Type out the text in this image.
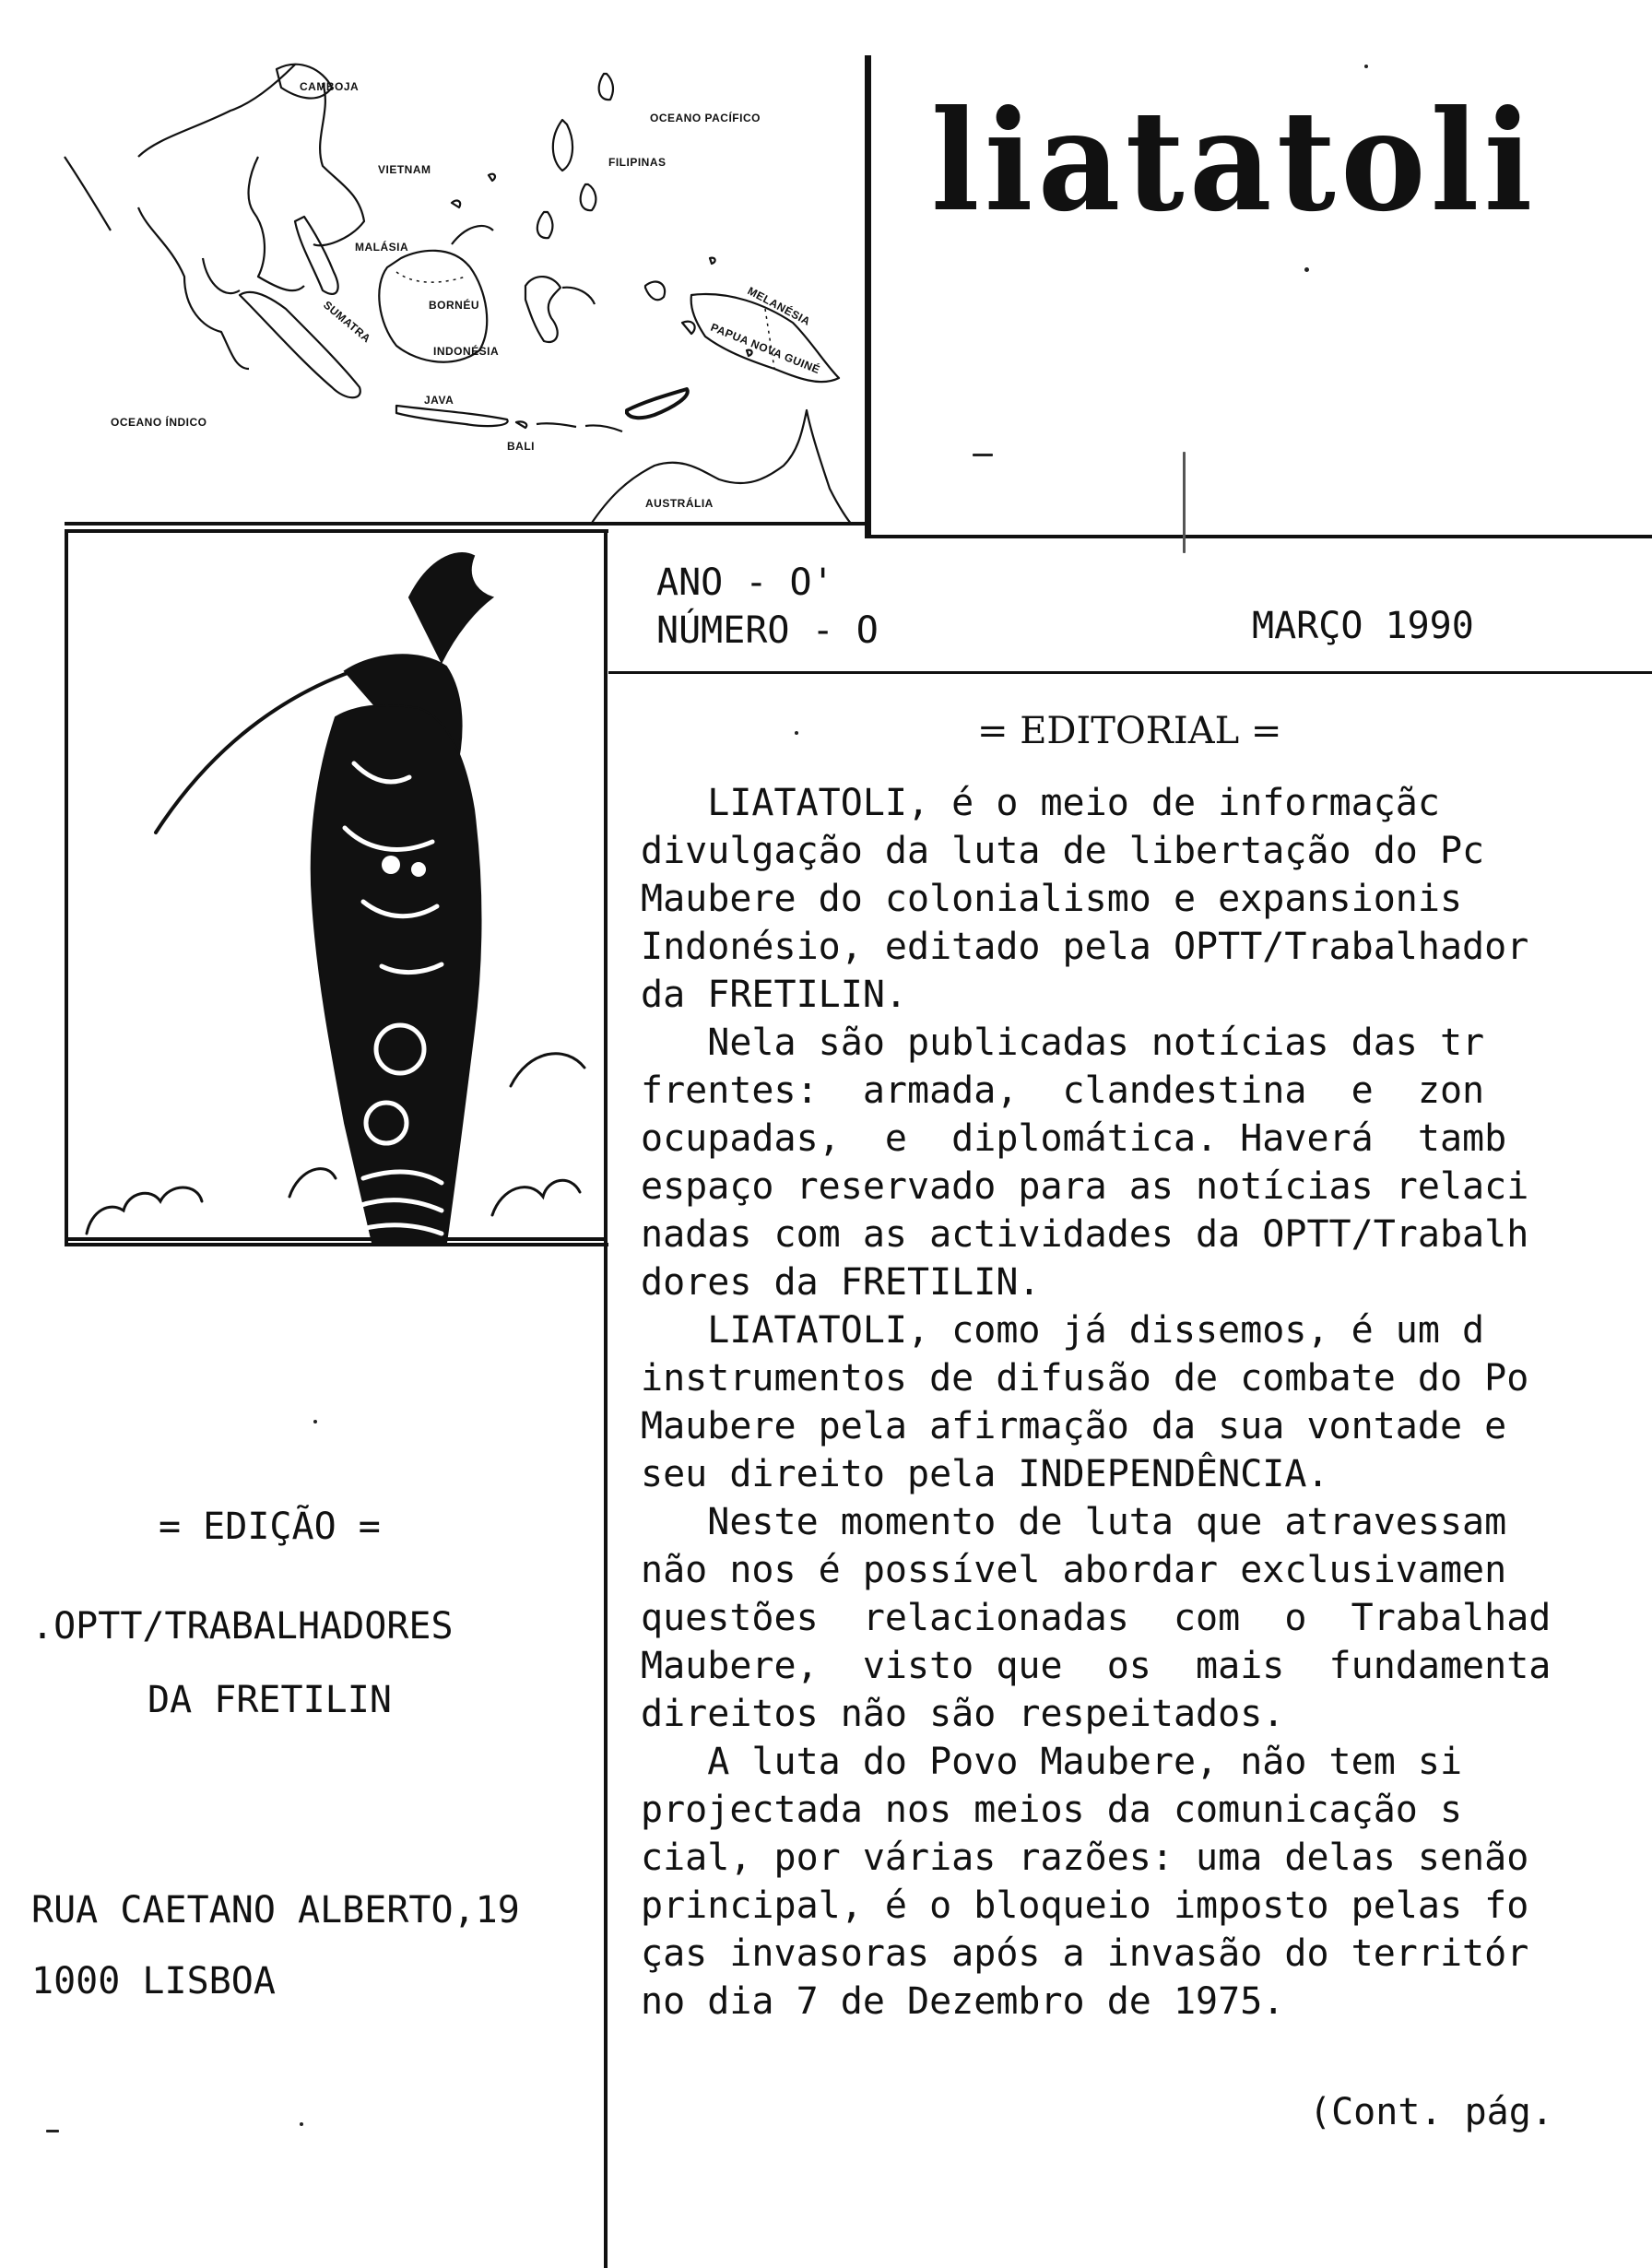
CAMBOJA
OCEANO PACÍFICO
FILIPINAS
VIETNAM
MALÁSIA
SUMATRA	BORNÉU
INDONÉSIA
JAVA
BALI
AUSTRÁLIA
OCEANO ÍNDICO
MELANÉSIA
PAPUA NOVA GUINÉ
liatatoli
ANO - O'
NÚMERO - O	MARÇO 1990
= EDIÇÃO =
.OPTT/TRABALHADORES
DA FRETILIN
RUA CAETANO ALBERTO,19
1000 LISBOA
= EDITORIAL =
LIATATOLI, é o meio de informaçãc
divulgação da luta de libertação do Pc
Maubere do colonialismo e expansionis
Indonésio, editado pela OPTT/Trabalhador
da FRETILIN.
Nela são publicadas notícias das tr
frentes:  armada,  clandestina  e  zon
ocupadas,  e  diplomática. Haverá  tamb
espaço reservado para as notícias relaci
nadas com as actividades da OPTT/Trabalh
dores da FRETILIN.
LIATATOLI, como já dissemos, é um d
instrumentos de difusão de combate do Po
Maubere pela afirmação da sua vontade e
seu direito pela INDEPENDÊNCIA.
Neste momento de luta que atravessam
não nos é possível abordar exclusivamen
questões  relacionadas  com  o  Trabalhad
Maubere,  visto que  os  mais  fundamenta
direitos não são respeitados.
A luta do Povo Maubere, não tem si
projectada nos meios da comunicação s
cial, por várias razões: uma delas senão
principal, é o bloqueio imposto pelas fo
ças invasoras após a invasão do territór
no dia 7 de Dezembro de 1975.
(Cont. pág.
